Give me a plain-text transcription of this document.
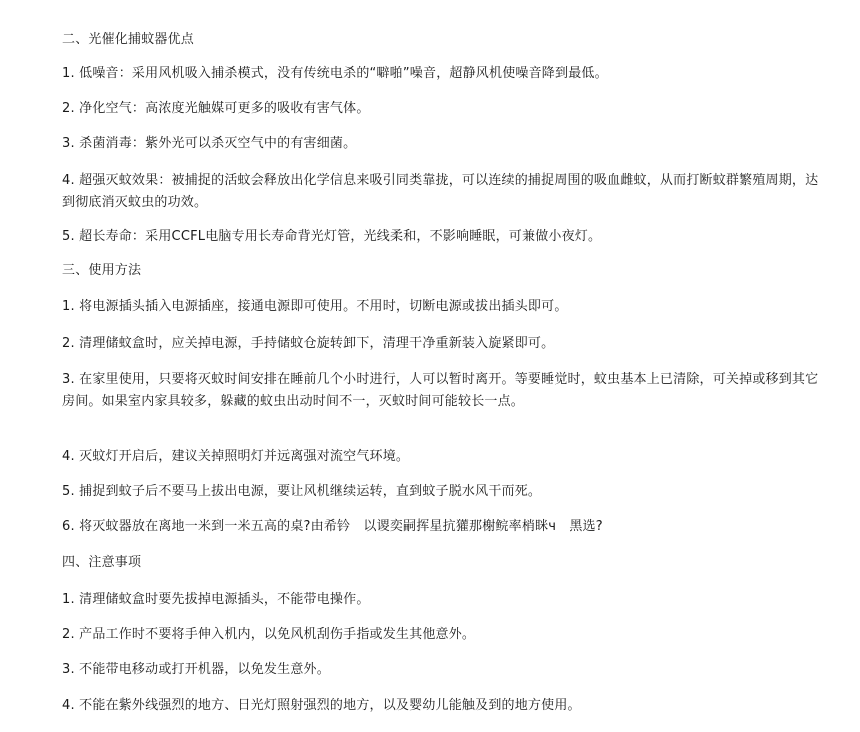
二、光催化捕蚊器优点
1. 低噪音：采用风机吸入捕杀模式，没有传统电杀的“噼啪”噪音，超静风机使噪音降到最低。
2. 净化空气：高浓度光触媒可更多的吸收有害气体。
3. 杀菌消毒：紫外光可以杀灭空气中的有害细菌。
4. 超强灭蚊效果：被捕捉的活蚊会释放出化学信息来吸引同类靠拢，可以连续的捕捉周围的吸血雌蚊，从而打断蚊群繁殖周期，达到彻底消灭蚊虫的功效。
5. 超长寿命：采用CCFL电脑专用长寿命背光灯管，光线柔和，不影响睡眠，可兼做小夜灯。
三、使用方法
1. 将电源插头插入电源插座，接通电源即可使用。不用时，切断电源或拔出插头即可。
2. 清理储蚊盒时，应关掉电源，手持储蚊仓旋转卸下，清理干净重新装入旋紧即可。
3. 在家里使用，只要将灭蚊时间安排在睡前几个小时进行，人可以暂时离开。等要睡觉时，蚊虫基本上已清除，可关掉或移到其它房间。如果室内家具较多，躲藏的蚊虫出动时间不一，灭蚊时间可能较长一点。
4. 灭蚊灯开启后，建议关掉照明灯并远离强对流空气环境。
5. 捕捉到蚊子后不要马上拔出电源，要让风机继续运转，直到蚊子脱水风干而死。
6. 将灭蚊器放在离地一米到一米五高的桌?由希钤　以谡奕嗣挥星抗獾那榭鲩率梢眯ч　黑选?
四、注意事项
1. 清理储蚊盒时要先拔掉电源插头，不能带电操作。
2. 产品工作时不要将手伸入机内，以免风机刮伤手指或发生其他意外。
3. 不能带电移动或打开机器，以免发生意外。
4. 不能在紫外线强烈的地方、日光灯照射强烈的地方，以及婴幼儿能触及到的地方使用。
